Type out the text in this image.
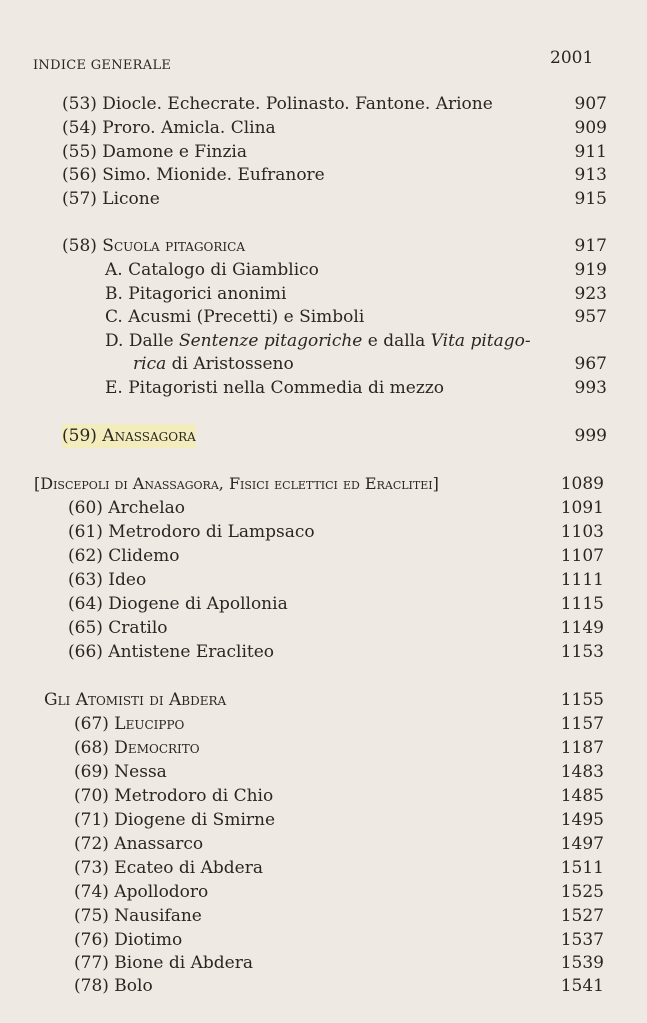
INDICE GENERALE	2001
(53) Diocle. Echecrate. Polinasto. Fantone. Arione	907
(54) Proro. Amicla. Clina	909
(55) Damone e Finzia	911
(56) Simo. Mionide. Eufranore	913
(57) Licone	915
(58) Scuola pitagorica	917
A. Catalogo di Giamblico	919
B. Pitagorici anonimi	923
C. Acusmi (Precetti) e Simboli	957
D. Dalle Sentenze pitagoriche e dalla Vita pitago-
rica di Aristosseno	967
E. Pitagoristi nella Commedia di mezzo	993
(59) Anassagora	999
[Discepoli di Anassagora, Fisici eclettici ed Eraclitei]	1089
(60) Archelao	1091
(61) Metrodoro di Lampsaco	1103
(62) Clidemo	1107
(63) Ideo	1111
(64) Diogene di Apollonia	1115
(65) Cratilo	1149
(66) Antistene Eracliteo	1153
Gli Atomisti di Abdera	1155
(67) Leucippo	1157
(68) Democrito	1187
(69) Nessa	1483
(70) Metrodoro di Chio	1485
(71) Diogene di Smirne	1495
(72) Anassarco	1497
(73) Ecateo di Abdera	1511
(74) Apollodoro	1525
(75) Nausifane	1527
(76) Diotimo	1537
(77) Bione di Abdera	1539
(78) Bolo	1541
